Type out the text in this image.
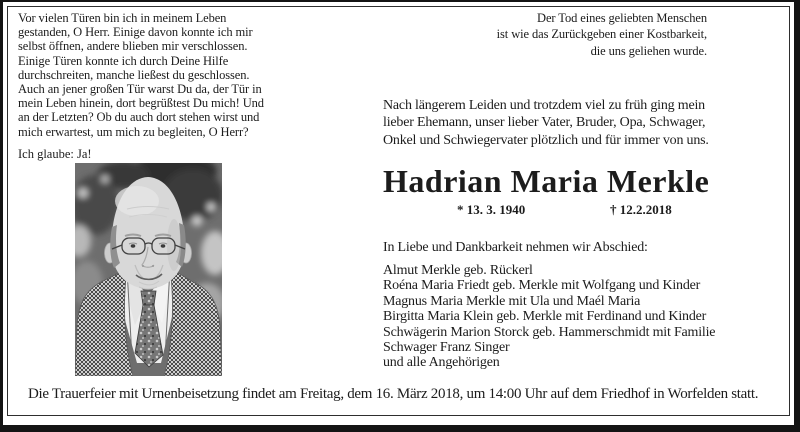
Vor vielen Türen bin ich in meinem Leben
gestanden, O Herr. Einige davon konnte ich mir
selbst öffnen, andere blieben mir verschlossen.
Einige Türen konnte ich durch Deine Hilfe
durchschreiten, manche ließest du geschlossen.
Auch an jener großen Tür warst Du da, der Tür in
mein Leben hinein, dort begrüßtest Du mich! Und
an der Letzten? Ob du auch dort stehen wirst und
mich erwartest, um mich zu begleiten, O Herr?
Ich glaube: Ja!
Der Tod eines geliebten Menschen
ist wie das Zurückgeben einer Kostbarkeit,
die uns geliehen wurde.
Nach längerem Leiden und trotzdem viel zu früh ging mein
lieber Ehemann, unser lieber Vater, Bruder, Opa, Schwager,
Onkel und Schwiegervater plötzlich und für immer von uns.
Hadrian Maria Merkle
* 13. 3. 1940	† 12.2.2018
In Liebe und Dankbarkeit nehmen wir Abschied:
Almut Merkle geb. Rückerl
Roéna Maria Friedt geb. Merkle mit Wolfgang und Kinder
Magnus Maria Merkle mit Ula und Maél Maria
Birgitta Maria Klein geb. Merkle mit Ferdinand und Kinder
Schwägerin Marion Storck geb. Hammerschmidt mit Familie
Schwager Franz Singer
und alle Angehörigen
Die Trauerfeier mit Urnenbeisetzung findet am Freitag, dem 16. März 2018, um 14:00 Uhr auf dem Friedhof in Worfelden statt.
